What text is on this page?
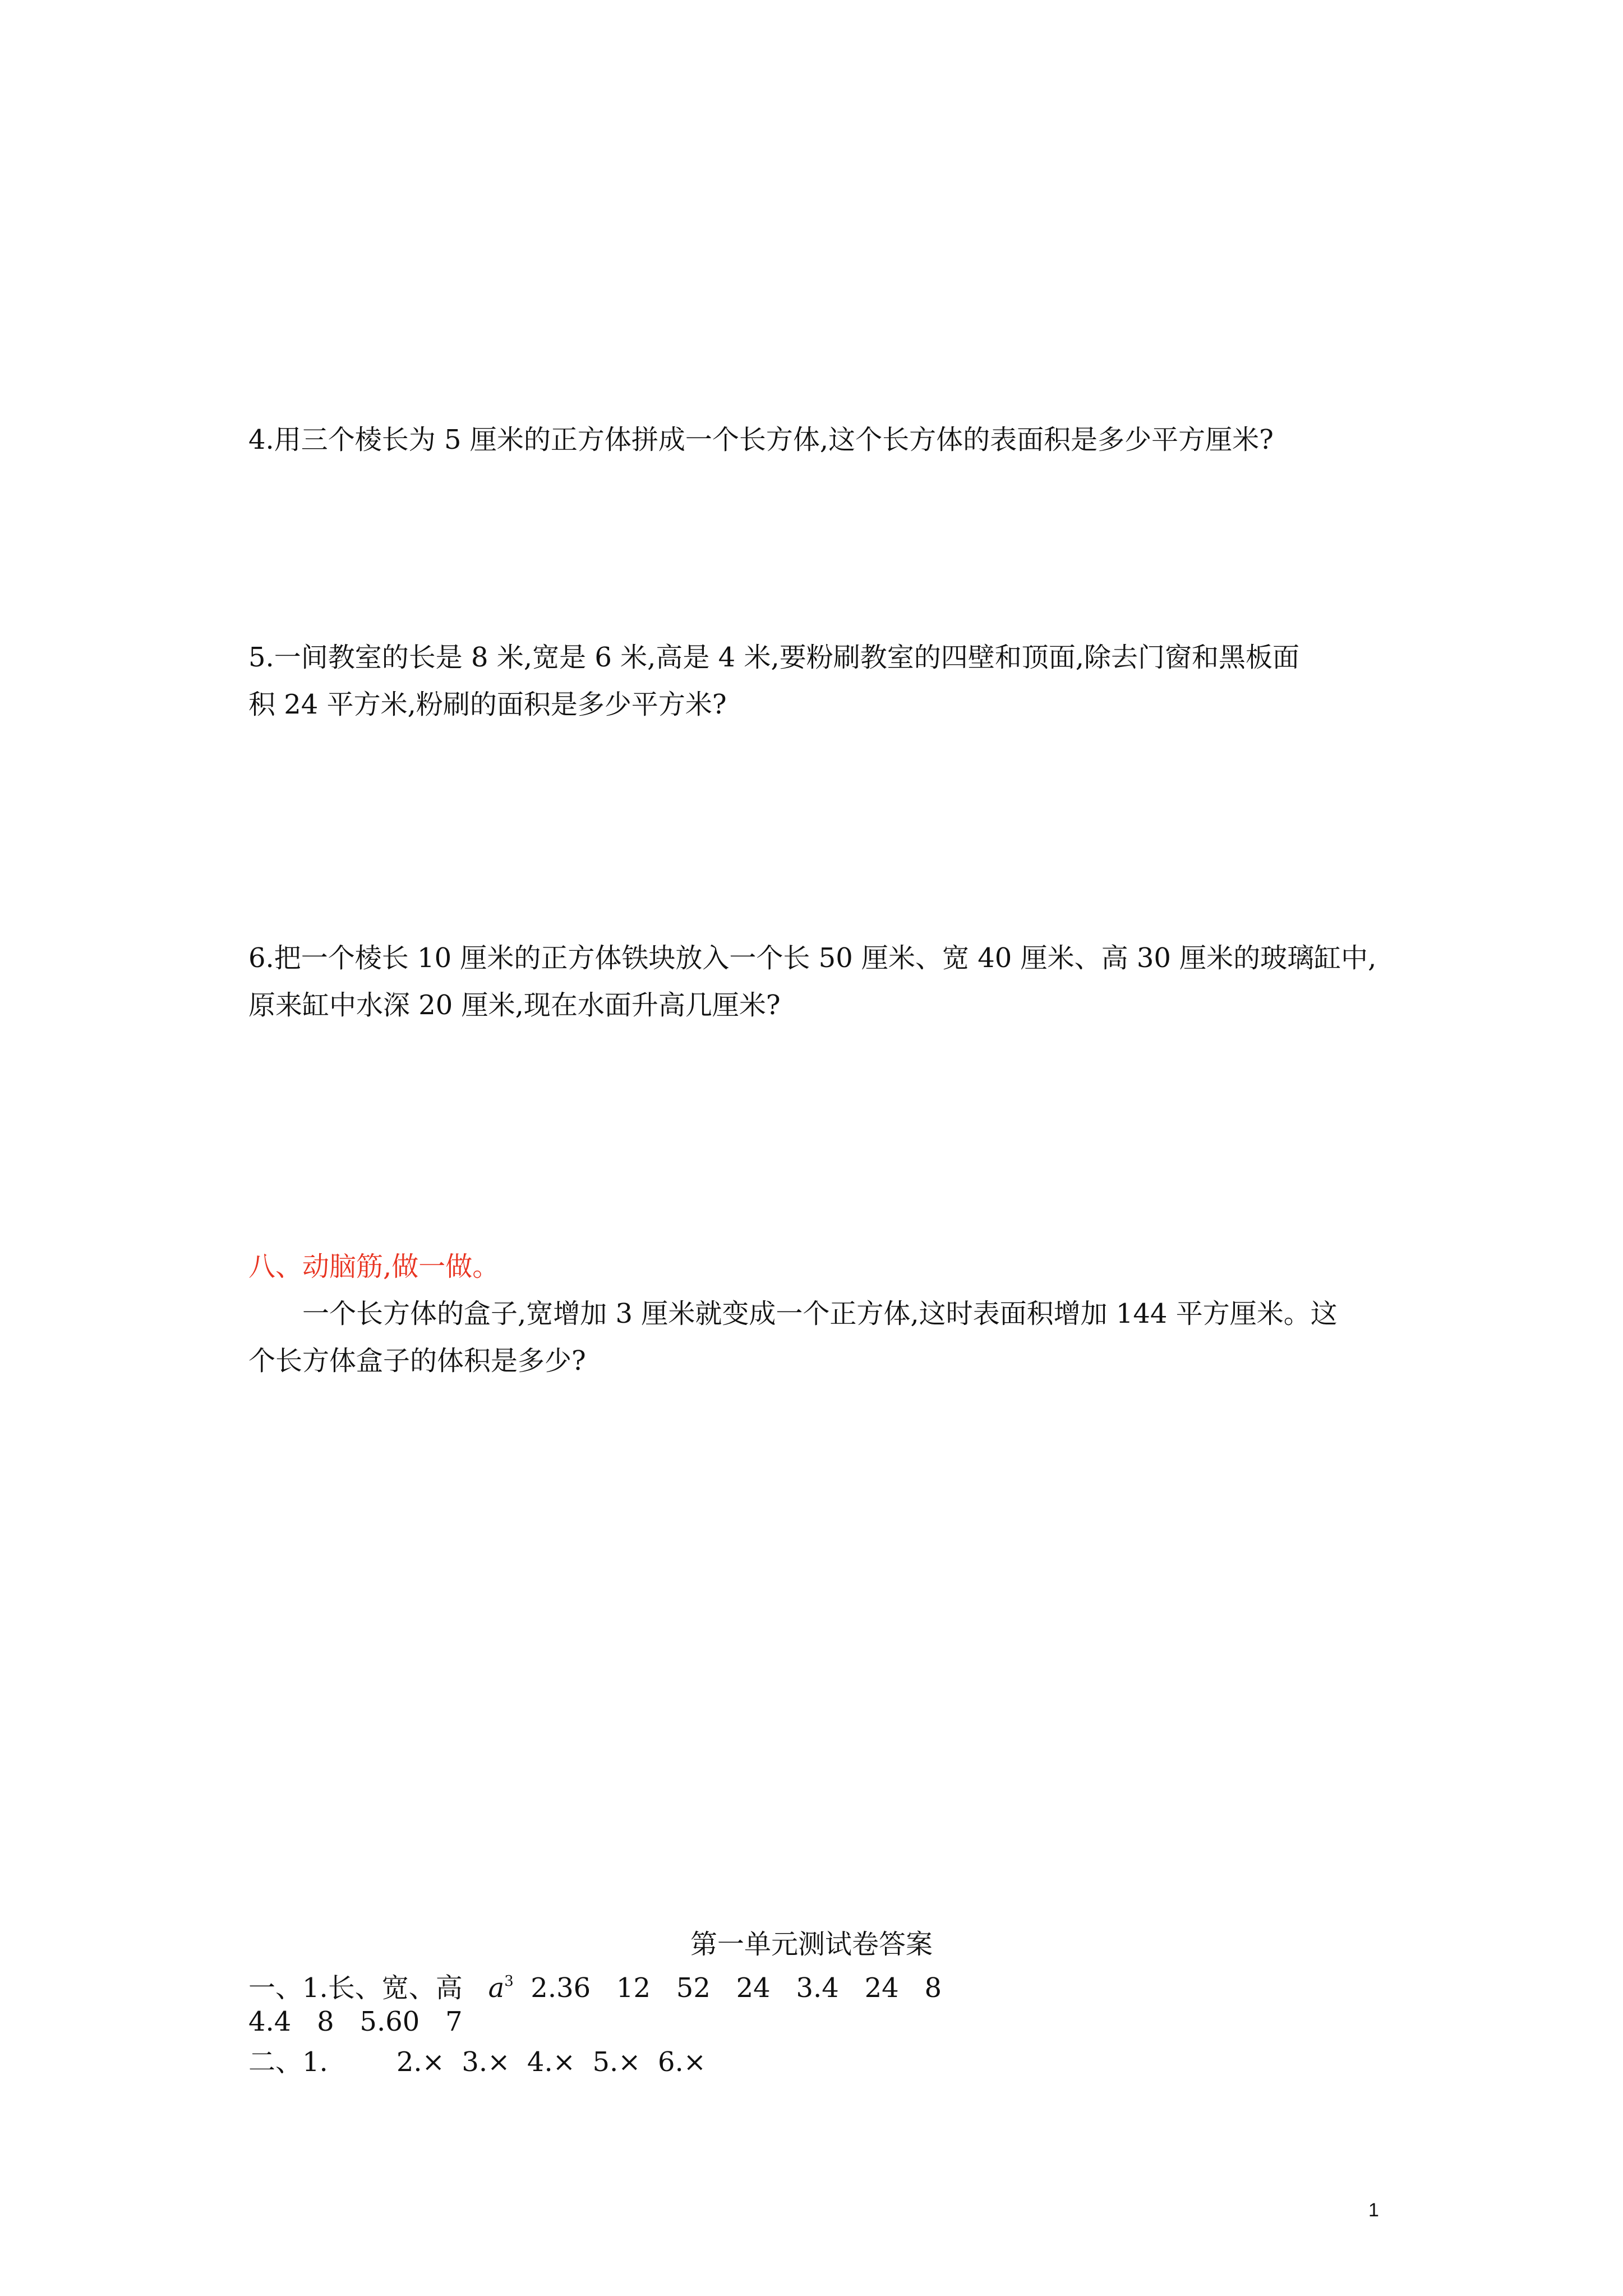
4.用三个棱长为 5 厘米的正方体拼成一个长方体,这个长方体的表面积是多少平方厘米?
5.一间教室的长是 8 米,宽是 6 米,高是 4 米,要粉刷教室的四壁和顶面,除去门窗和黑板面
积 24 平方米,粉刷的面积是多少平方米?
6.把一个棱长 10 厘米的正方体铁块放入一个长 50 厘米、宽 40 厘米、高 30 厘米的玻璃缸中,
原来缸中水深 20 厘米,现在水面升高几厘米?
八、动脑筋,做一做。
一个长方体的盒子,宽增加 3 厘米就变成一个正方体,这时表面积增加 144 平方厘米。这
个长方体盒子的体积是多少?
第一单元测试卷答案
一、1.长、宽、高 $a^3$  2.36   12   52   24   3.4   24   8
4.4   8   5.60   7
二、1.        2.×  3.×  4.×  5.×  6.×
1
